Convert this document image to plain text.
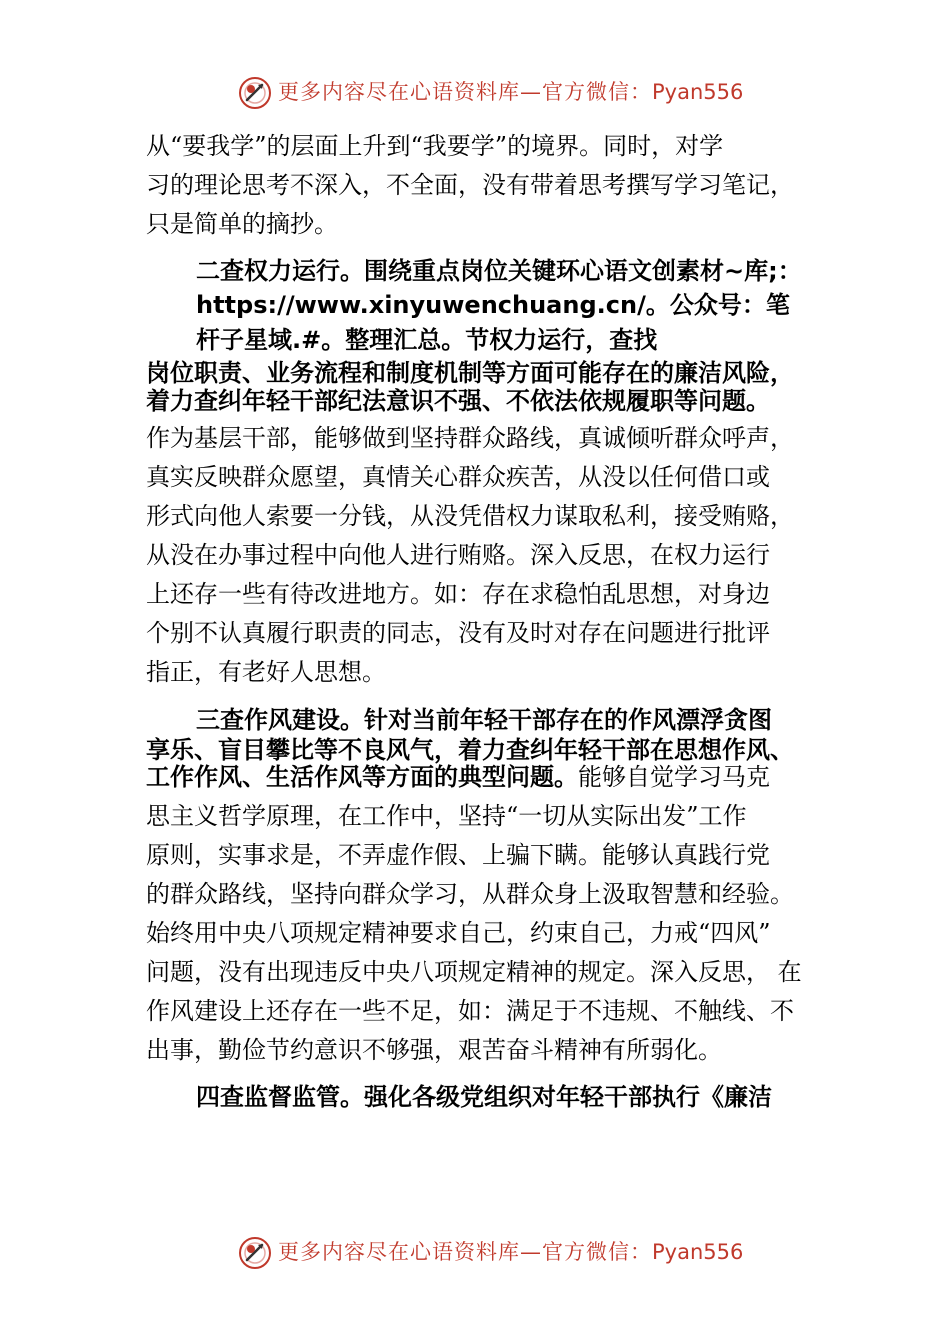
更多内容尽在心语资料库—官方微信：Pyan556
从“要我学”的层面上升到“我要学”的境界。同时，对学
习的理论思考不深入，不全面，没有带着思考撰写学习笔记，
只是简单的摘抄。
二查权力运行。围绕重点岗位关键环心语文创素材~库;：
https://www.xinyuwenchuang.cn/。公众号：笔
杆子星域.#。整理汇总。节权力运行，查找
岗位职责、业务流程和制度机制等方面可能存在的廉洁风险，
着力查纠年轻干部纪法意识不强、不依法依规履职等问题。
作为基层干部，能够做到坚持群众路线，真诚倾听群众呼声，
真实反映群众愿望，真情关心群众疾苦，从没以任何借口或
形式向他人索要一分钱，从没凭借权力谋取私利，接受贿赂，
从没在办事过程中向他人进行贿赂。深入反思，在权力运行
上还存一些有待改进地方。如：存在求稳怕乱思想，对身边
个别不认真履行职责的同志，没有及时对存在问题进行批评
指正，有老好人思想。
三查作风建设。针对当前年轻干部存在的作风漂浮贪图
享乐、盲目攀比等不良风气，着力查纠年轻干部在思想作风、
工作作风、生活作风等方面的典型问题。能够自觉学习马克
思主义哲学原理，在工作中，坚持“一切从实际出发”工作
原则，实事求是，不弄虚作假、上骗下瞒。能够认真践行党
的群众路线，坚持向群众学习，从群众身上汲取智慧和经验。
始终用中央八项规定精神要求自己，约束自己，力戒“四风”
问题，没有出现违反中央八项规定精神的规定。深入反思， 在
作风建设上还存在一些不足，如：满足于不违规、不触线、不
出事，勤俭节约意识不够强，艰苦奋斗精神有所弱化。
四查监督监管。强化各级党组织对年轻干部执行《廉洁
更多内容尽在心语资料库—官方微信：Pyan556
